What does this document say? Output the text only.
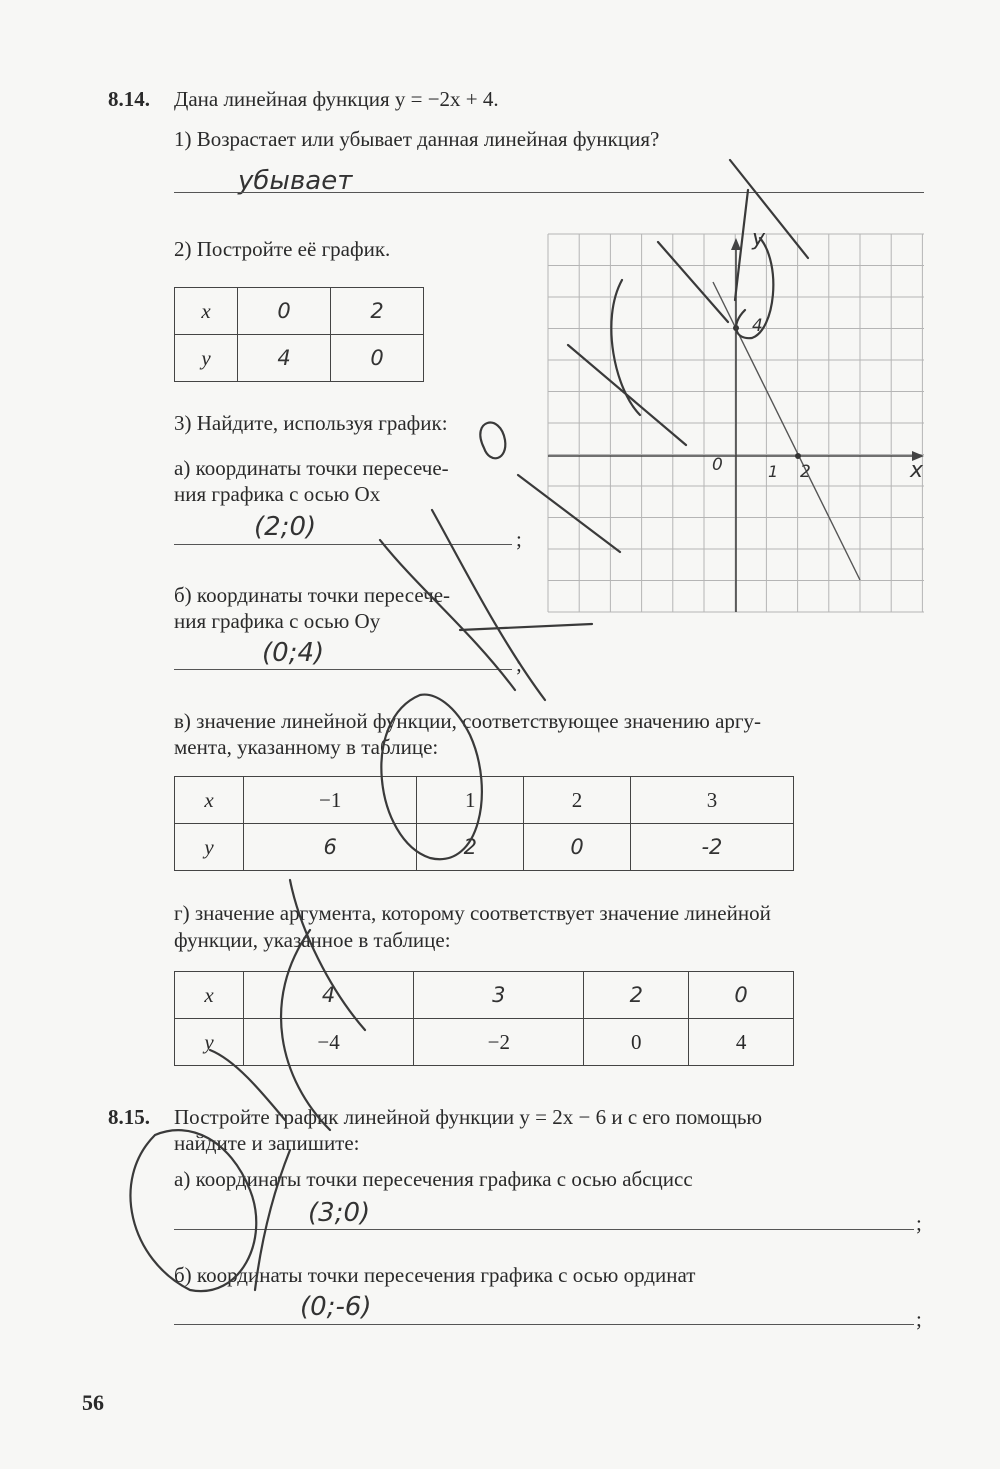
8.14. Дана линейная функция y = −2x + 4.
1) Возрастает или убывает данная линейная функция?
убывает
2) Постройте её график.
x	0	2
y	4	0
3) Найдите, используя график:
а) координаты точки пересече-
ния графика с осью Ox
(2;0)	;
б) координаты точки пересече-
ния графика с осью Oy
(0;4)	;
0	1 2	x
y
4
в) значение линейной функции, соответствующее значению аргу-
мента, указанному в таблице:
x	−1	1	2	3
y	6	2	0	-2
г) значение аргумента, которому соответствует значение линейной
функции, указанное в таблице:
x	4	3	2	0
y	−4	−2	0	4
8.15. Постройте график линейной функции y = 2x − 6 и с его помощью
найдите и запишите:
а) координаты точки пересечения графика с осью абсцисс
(3;0)	;
б) координаты точки пересечения графика с осью ординат
(0;-6)	;
56
